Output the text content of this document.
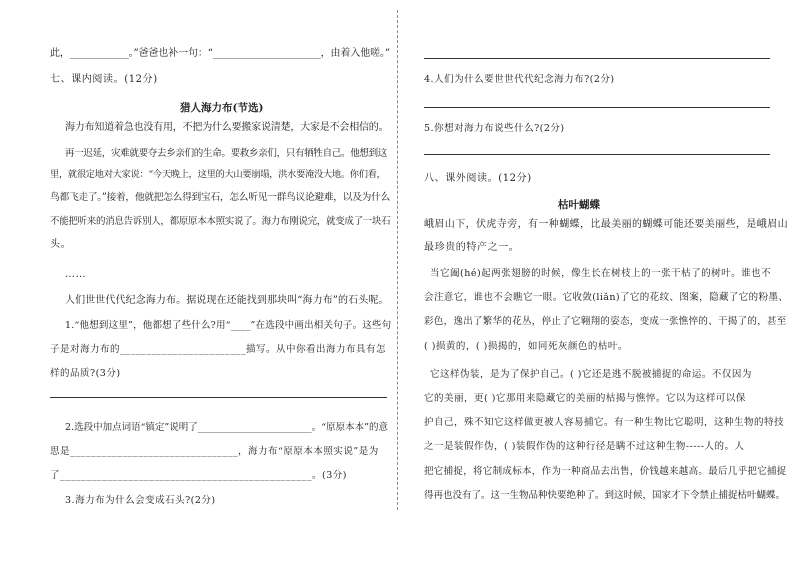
此，____________。”爸爸也补一句：“______________________，由着入他嗟。”
七、课内阅读。(12分)
猎人海力布(节选)
海力布知道着急也没有用，不把为什么要搬家说清楚，大家是不会相信的。
再一迟延，灾难就要夺去乡亲们的生命。要救乡亲们，只有牺牲自己。他想到这
里，就很定地对大家说：“今天晚上，这里的大山要崩塌，洪水要淹没大地。你们看，
鸟都飞走了。”接着，他就把怎么得到宝石，怎么听见一群鸟议论避难，以及为什么
不能把听来的消息告诉别人，都原原本本照实说了。海力布刚说完，就变成了一块石
头。
……
人们世世代代纪念海力布。据说现在还能找到那块叫“海力布”的石头呢。
1.“他想到这里”，他都想了些什么?用“____”在选段中画出相关句子。这些句
子是对海力布的________________________描写。从中你看出海力布具有怎
样的品质?(3分)
2.选段中加点词语“镇定”说明了________________________。“原原本本”的意
思是________________________________，海力布“原原本本照实说”是为
了________________________________________________。(3分)
3.海力布为什么会变成石头?(2分)
4.人们为什么要世世代代纪念海力布?(2分)
5.你想对海力布说些什么?(2分)
八、课外阅读。(12分)
枯叶蝴蝶
峨眉山下，伏虎寺旁，有一种蝴蝶，比最美丽的蝴蝶可能还要美丽些，是峨眉山
最珍贵的特产之一。
当它阖(hé)起两张翅膀的时候，像生长在树枝上的一张干枯了的树叶。谁也不
会注意它，谁也不会瞧它一眼。它收敛(liǎn)了它的花纹、图案，隐藏了它的粉墨、
彩色，逸出了繁华的花丛，停止了它翱翔的姿态，变成一张憔悴的、干揭了的，甚至
( )损黄的，( )损揭的，如同死灰颜色的枯叶。
它这样伪装，是为了保护自己。( )它还是逃不脱被捕捉的命运。不仅因为
它的美丽，更( )它那用来隐藏它的美丽的枯揭与憔悴。它以为这样可以保
护自己，殊不知它这样做更被人容易捕它。有一种生物比它聪明，这种生物的特技
之一是装假作伪，( )装假作伪的这种行径是瞒不过这种生物-----人的。人
把它捕捉，将它制成标本，作为一种商品去出售，价钱越来越高。最后几乎把它捕捉
得再也没有了。这一生物品种快要绝种了。到这时候，国家才下令禁止捕捉枯叶蝴蝶。
